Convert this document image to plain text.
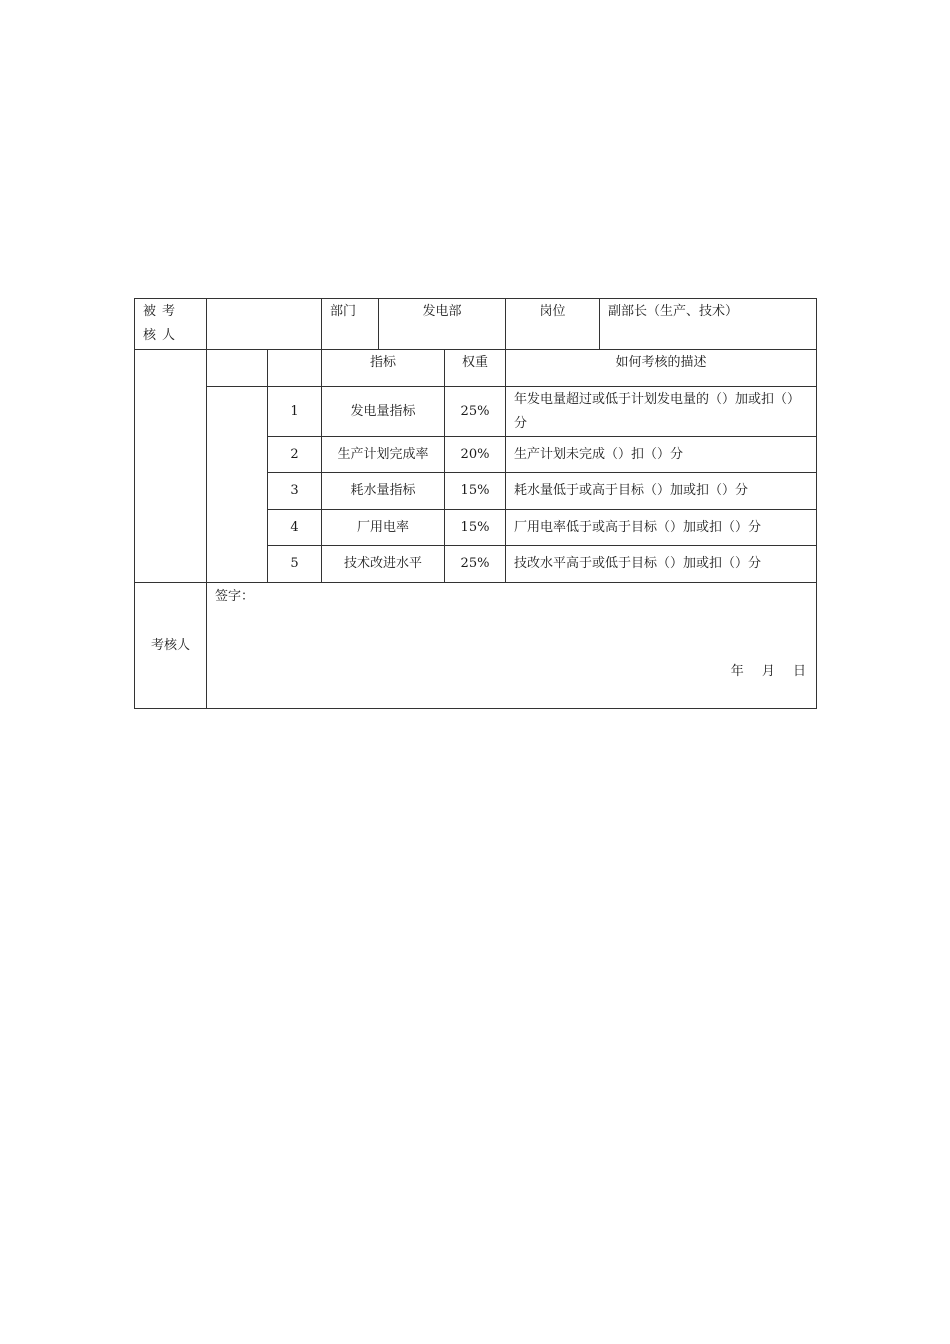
被考核人			部门	发电部		岗位	副部长（生产、技术）
			指标		权重	如何考核的描述	
		1	发电量指标		25%	年发电量超过或低于计划发电量的（）加或扣（）分	
		2	生产计划完成率		20%	生产计划未完成（）扣（）分	
		3	耗水量指标		15%	耗水量低于或高于目标（）加或扣（）分	
		4	厂用电率		15%	厂用电率低于或高于目标（）加或扣（）分	
		5	技术改进水平		25%	技改水平高于或低于目标（）加或扣（）分	
考核人	签字：
年 月 日						
